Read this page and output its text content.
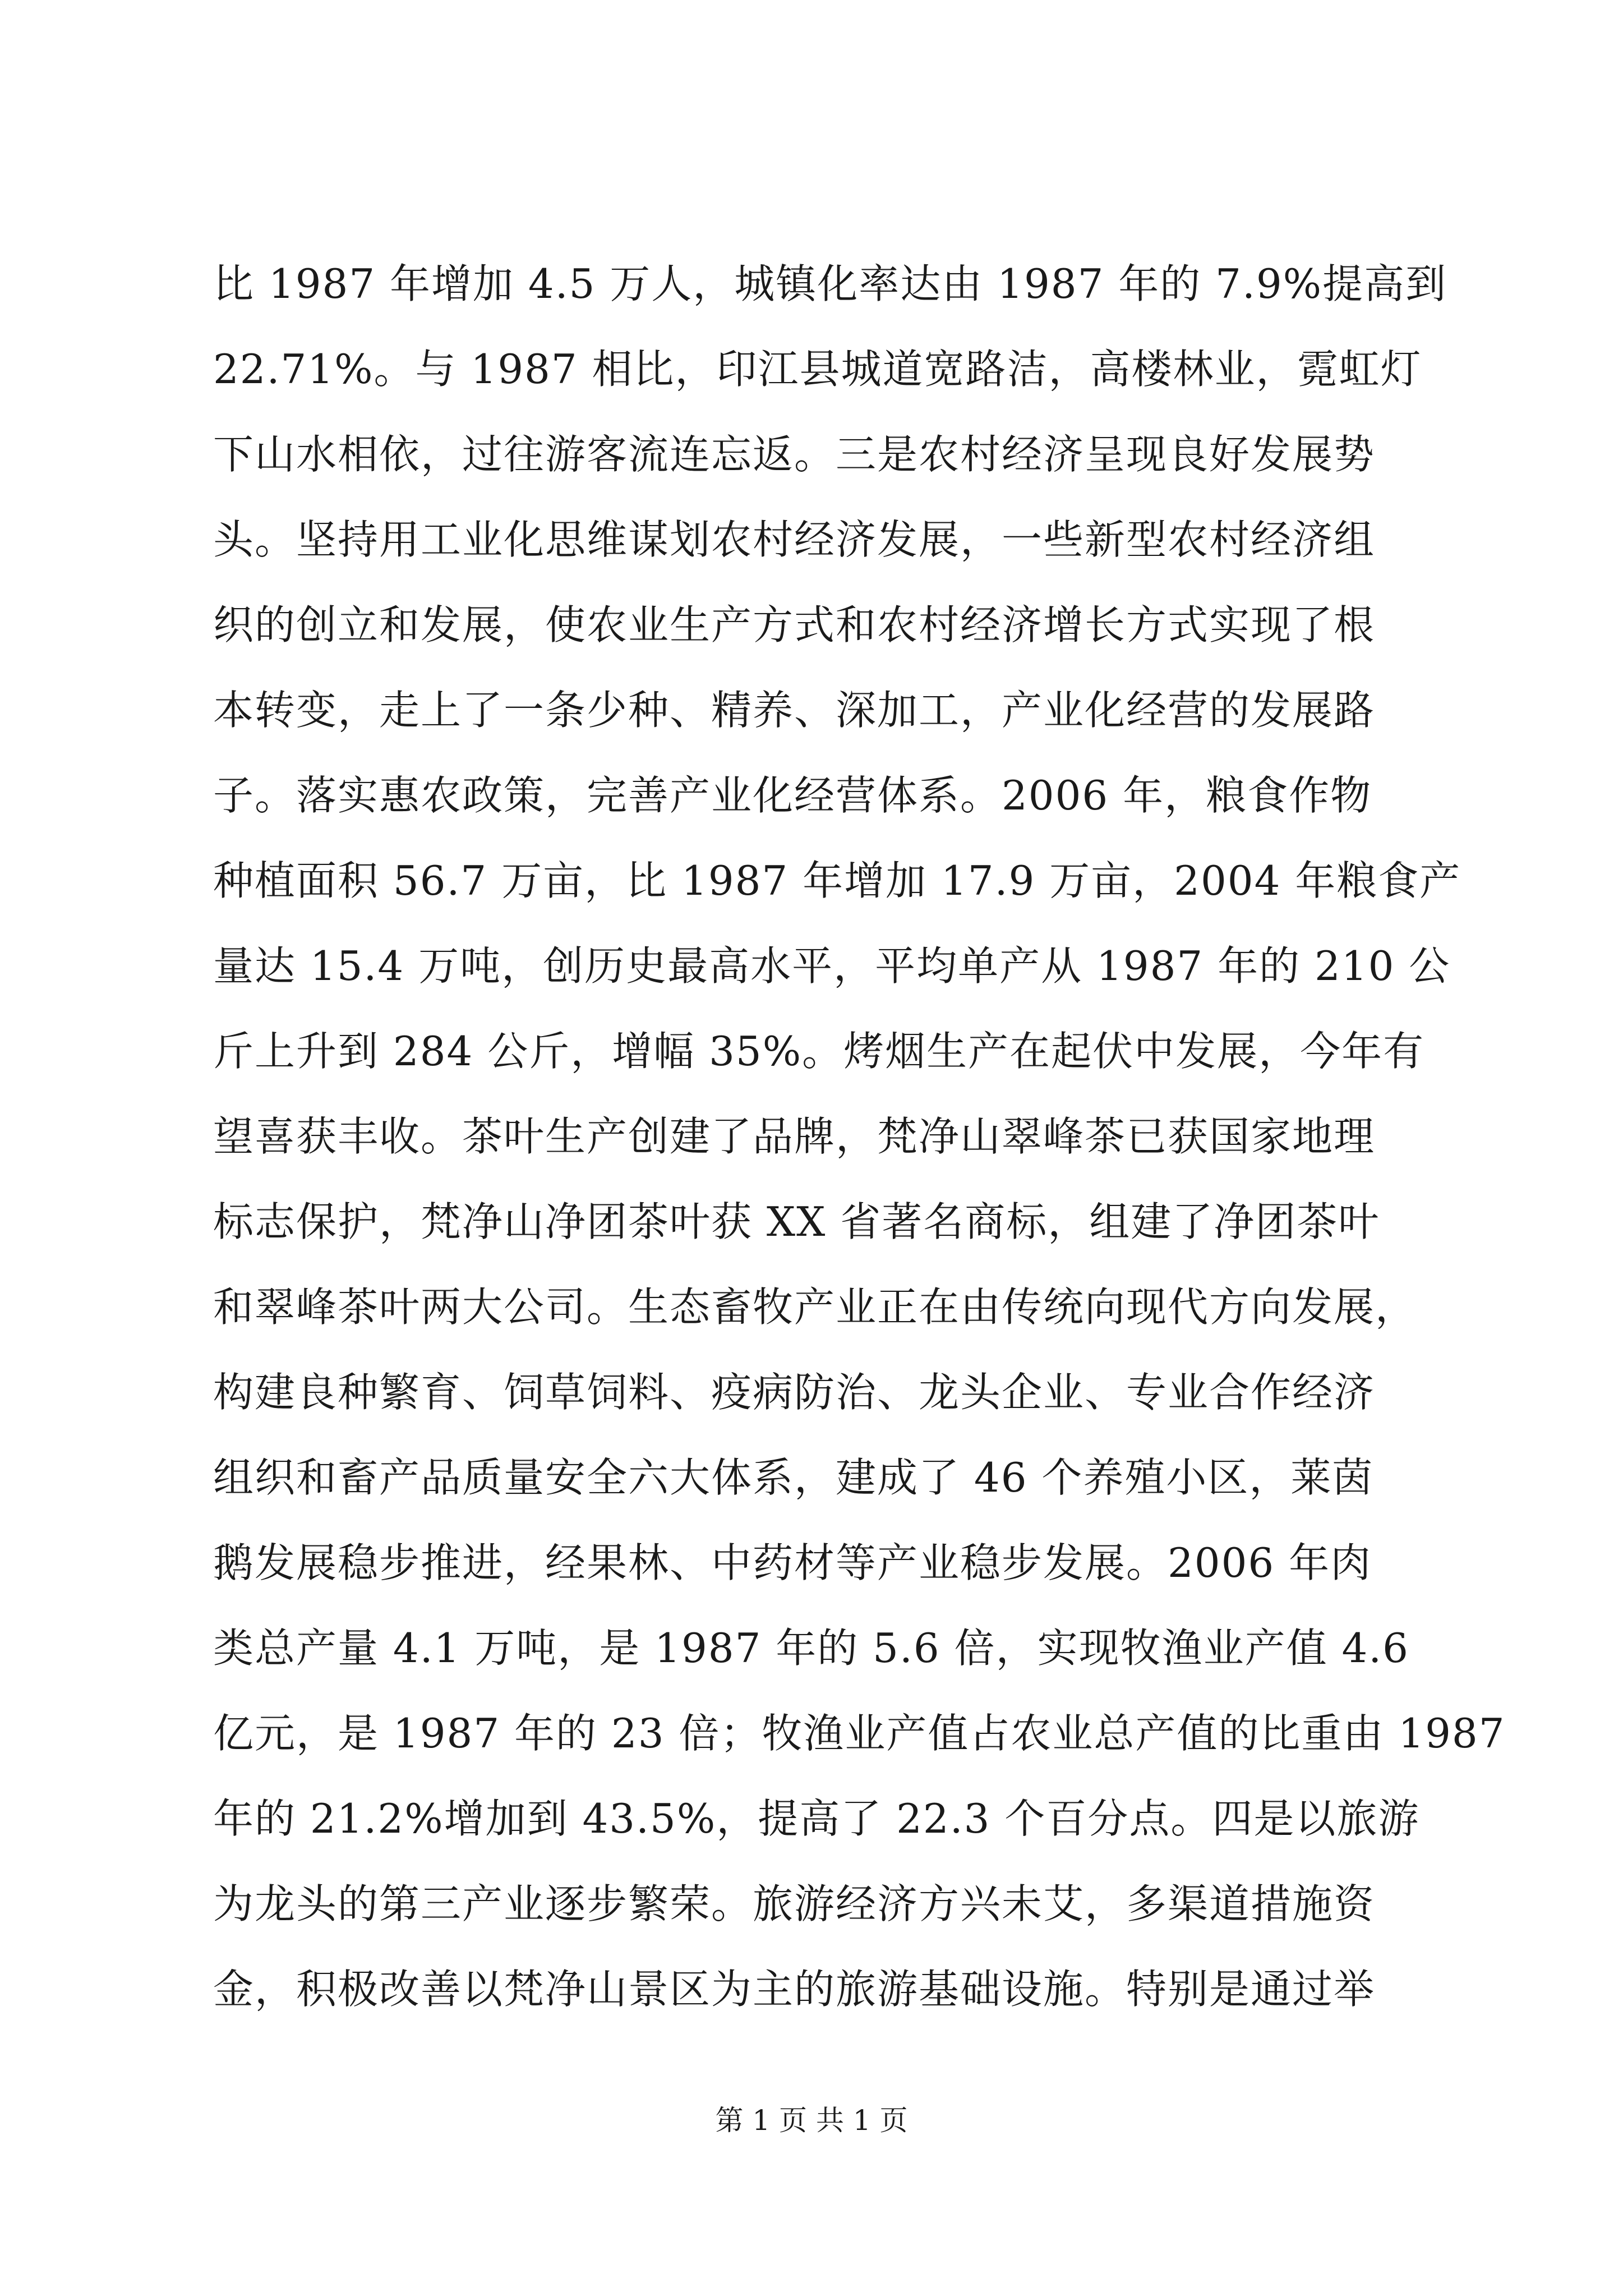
比 1987 年增加 4.5 万人，城镇化率达由 1987 年的 7.9%提高到
22.71%。与 1987 相比，印江县城道宽路洁，高楼林业，霓虹灯
下山水相依，过往游客流连忘返。三是农村经济呈现良好发展势
头。坚持用工业化思维谋划农村经济发展，一些新型农村经济组
织的创立和发展，使农业生产方式和农村经济增长方式实现了根
本转变，走上了一条少种、精养、深加工，产业化经营的发展路
子。落实惠农政策，完善产业化经营体系。2006 年，粮食作物
种植面积 56.7 万亩，比 1987 年增加 17.9 万亩，2004 年粮食产
量达 15.4 万吨，创历史最高水平，平均单产从 1987 年的 210 公
斤上升到 284 公斤，增幅 35%。烤烟生产在起伏中发展，今年有
望喜获丰收。茶叶生产创建了品牌，梵净山翠峰茶已获国家地理
标志保护，梵净山净团茶叶获 XX 省著名商标，组建了净团茶叶
和翠峰茶叶两大公司。生态畜牧产业正在由传统向现代方向发展，
构建良种繁育、饲草饲料、疫病防治、龙头企业、专业合作经济
组织和畜产品质量安全六大体系，建成了 46 个养殖小区，莱茵
鹅发展稳步推进，经果林、中药材等产业稳步发展。2006 年肉
类总产量 4.1 万吨，是 1987 年的 5.6 倍，实现牧渔业产值 4.6
亿元，是 1987 年的 23 倍；牧渔业产值占农业总产值的比重由 1987
年的 21.2%增加到 43.5%，提高了 22.3 个百分点。四是以旅游
为龙头的第三产业逐步繁荣。旅游经济方兴未艾，多渠道措施资
金，积极改善以梵净山景区为主的旅游基础设施。特别是通过举
第 1 页 共 1 页
